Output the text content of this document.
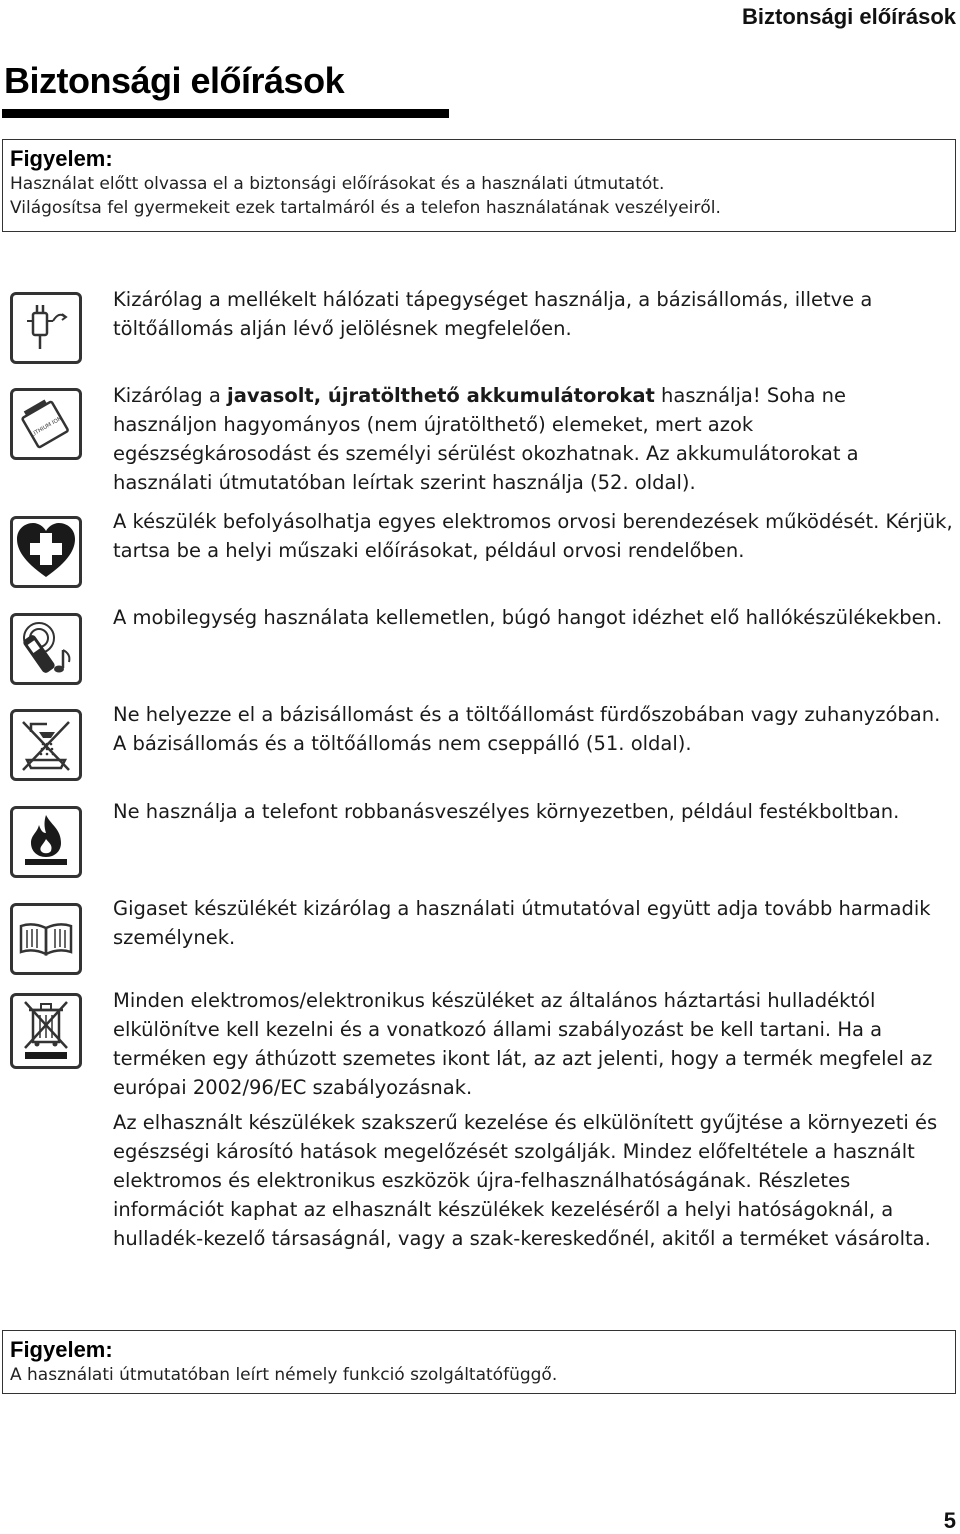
Biztonsági előírások
Biztonsági előírások
Figyelem:
Használat előtt olvassa el a biztonsági előírásokat és a használati útmutatót.
Világosítsa fel gyermekeit ezek tartalmáról és a telefon használatának veszélyeiről.

Kizárólag a mellékelt hálózati tápegységet használja, a bázisállomás, illetve a töltőállomás alján lévő jelölésnek megfelelően.

LITHIUM ION

Kizárólag a javasolt, újratölthető akkumulátorokat használja! Soha ne használjon hagyományos (nem újratölthető) elemeket, mert azok egészségkárosodást és személyi sérülést okozhatnak. Az akkumulátorokat a használati útmutatóban leírtak szerint használja (52. oldal).

A készülék befolyásolhatja egyes elektromos orvosi berendezések működését. Kérjük, tartsa be a helyi műszaki előírásokat, például orvosi rendelőben.

A mobilegység használata kellemetlen, búgó hangot idézhet elő hallókészülékekben.

Ne helyezze el a bázisállomást és a töltőállomást fürdőszobában vagy zuhanyzóban. A bázisállomás és a töltőállomás nem cseppálló (51. oldal).

Ne használja a telefont robbanásveszélyes környezetben, például festékboltban.

Gigaset készülékét kizárólag a használati útmutatóval együtt adja tovább harmadik személynek.

Minden elektromos/elektronikus készüléket az általános háztartási hulladéktól elkülönítve kell kezelni és a vonatkozó állami szabályozást be kell tartani. Ha a terméken egy áthúzott szemetes ikont lát, az azt jelenti, hogy a termék megfelel az európai 2002/96/EC szabályozásnak.

Az elhasznált készülékek szakszerű kezelése és elkülönített gyűjtése a környezeti és egészségi károsító hatások megelőzését szolgálják. Mindez előfeltétele a használt elektromos és elektronikus eszközök újra-felhasználhatóságának. Részletes információt kaphat az elhasznált készülékek kezeléséről a helyi hatóságoknál, a hulladék-kezelő társaságnál, vagy a szak-kereskedőnél, akitől a terméket vásárolta.

Figyelem:
A használati útmutatóban leírt némely funkció szolgáltatófüggő.
5
